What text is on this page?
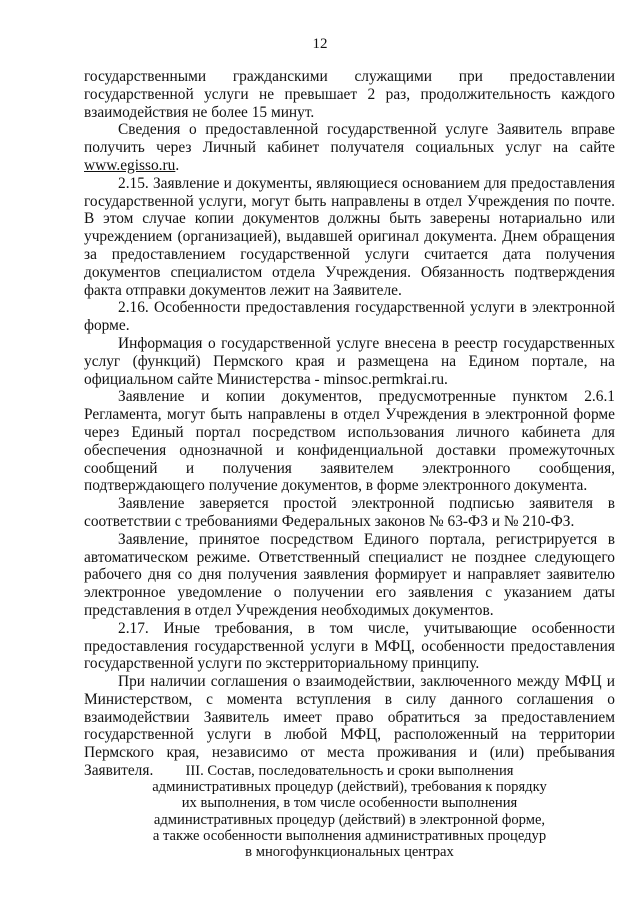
12

государственными гражданскими служащими при предоставлении государственной услуги не превышает 2 раз, продолжительность каждого взаимодействия не более 15 минут.

Сведения о предоставленной государственной услуге Заявитель вправе получить через Личный кабинет получателя социальных услуг на сайте www.egisso.ru.

2.15. Заявление и документы, являющиеся основанием для предоставления государственной услуги, могут быть направлены в отдел Учреждения по почте. В этом случае копии документов должны быть заверены нотариально или учреждением (организацией), выдавшей оригинал документа. Днем обращения за предоставлением государственной услуги считается дата получения документов специалистом отдела Учреждения. Обязанность подтверждения факта отправки документов лежит на Заявителе.

2.16. Особенности предоставления государственной услуги в электронной форме.

Информация о государственной услуге внесена в реестр государственных услуг (функций) Пермского края и размещена на Едином портале, на официальном сайте Министерства - minsoc.permkrai.ru.

Заявление и копии документов, предусмотренные пунктом 2.6.1 Регламента, могут быть направлены в отдел Учреждения в электронной форме через Единый портал посредством использования личного кабинета для обеспечения однозначной и конфиденциальной доставки промежуточных сообщений и получения заявителем электронного сообщения, подтверждающего получение документов, в форме электронного документа.

Заявление заверяется простой электронной подписью заявителя в соответствии с требованиями Федеральных законов № 63-ФЗ и № 210-ФЗ.

Заявление, принятое посредством Единого портала, регистрируется в автоматическом режиме. Ответственный специалист не позднее следующего рабочего дня со дня получения заявления формирует и направляет заявителю электронное уведомление о получении его заявления с указанием даты представления в отдел Учреждения необходимых документов.

2.17. Иные требования, в том числе, учитывающие особенности предоставления государственной услуги в МФЦ, особенности предоставления государственной услуги по экстерриториальному принципу.

При наличии соглашения о взаимодействии, заключенного между МФЦ и Министерством, с момента вступления в силу данного соглашения о взаимодействии Заявитель имеет право обратиться за предоставлением государственной услуги в любой МФЦ, расположенный на территории Пермского края, независимо от места проживания и (или) пребывания Заявителя.	III. Состав, последовательность и сроки выполнения
административных процедур (действий), требования к порядку
их выполнения, в том числе особенности выполнения
административных процедур (действий) в электронной форме,
а также особенности выполнения административных процедур
в многофункциональных центрах
